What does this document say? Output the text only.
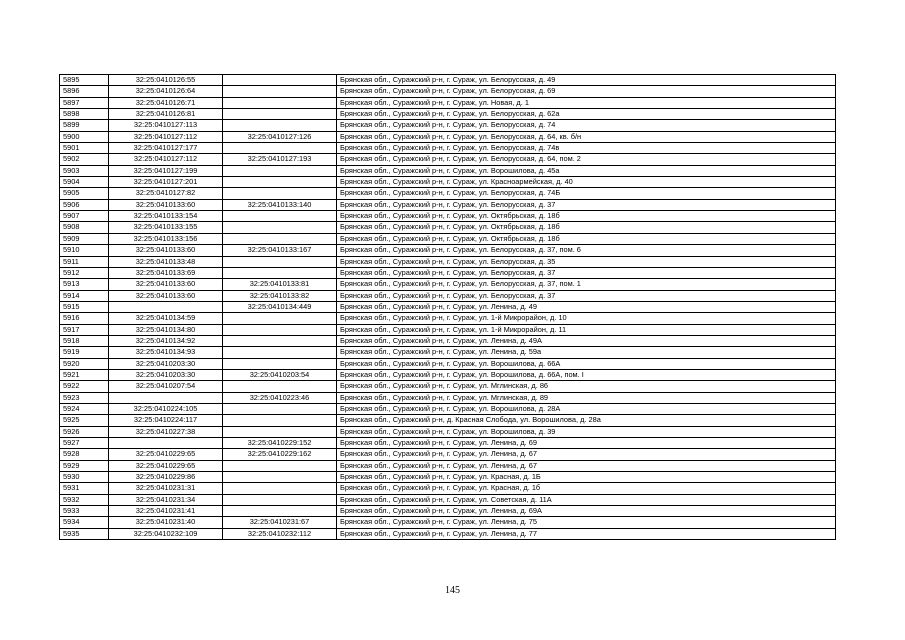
5895	32:25:0410126:55		Брянская обл., Суражский р-н, г. Сураж, ул. Белорусская, д. 49
5896	32:25:0410126:64		Брянская обл., Суражский р-н, г. Сураж, ул. Белорусская, д. 69
5897	32:25:0410126:71		Брянская обл., Суражский р-н, г. Сураж, ул. Новая, д. 1
5898	32:25:0410126:81		Брянская обл., Суражский р-н, г. Сураж, ул. Белорусская, д. 62а
5899	32:25:0410127:113		Брянская обл., Суражский р-н, г. Сураж, ул. Белорусская, д. 74
5900	32:25:0410127:112	32:25:0410127:126	Брянская обл., Суражский р-н, г. Сураж, ул. Белорусская, д. 64, кв. б/н
5901	32:25:0410127:177		Брянская обл., Суражский р-н, г. Сураж, ул. Белорусская, д. 74в
5902	32:25:0410127:112	32:25:0410127:193	Брянская обл., Суражский р-н, г. Сураж, ул. Белорусская, д. 64, пом. 2
5903	32:25:0410127:199		Брянская обл., Суражский р-н, г. Сураж, ул. Ворошилова, д. 45а
5904	32:25:0410127:201		Брянская обл., Суражский р-н, г. Сураж, ул. Красноармейская, д. 40
5905	32:25:0410127:82		Брянская обл., Суражский р-н, г. Сураж, ул. Белорусская, д. 74Б
5906	32:25:0410133:60	32:25:0410133:140	Брянская обл., Суражский р-н, г. Сураж, ул. Белорусская, д. 37
5907	32:25:0410133:154		Брянская обл., Суражский р-н, г. Сураж, ул. Октябрьская, д. 18б
5908	32:25:0410133:155		Брянская обл., Суражский р-н, г. Сураж, ул. Октябрьская, д. 18б
5909	32:25:0410133:156		Брянская обл., Суражский р-н, г. Сураж, ул. Октябрьская, д. 18б
5910	32:25:0410133:60	32:25:0410133:167	Брянская обл., Суражский р-н, г. Сураж, ул. Белорусская, д. 37, пом. 6
5911	32:25:0410133:48		Брянская обл., Суражский р-н, г. Сураж, ул. Белорусская, д. 35
5912	32:25:0410133:69		Брянская обл., Суражский р-н, г. Сураж, ул. Белорусская, д. 37
5913	32:25:0410133:60	32:25:0410133:81	Брянская обл., Суражский р-н, г. Сураж, ул. Белорусская, д. 37, пом. 1
5914	32:25:0410133:60	32:25:0410133:82	Брянская обл., Суражский р-н, г. Сураж, ул. Белорусская, д. 37
5915		32:25:0410134:449	Брянская обл., Суражский р-н, г. Сураж, ул. Ленина, д. 49
5916	32:25:0410134:59		Брянская обл., Суражский р-н, г. Сураж, ул. 1-й Микрорайон, д. 10
5917	32:25:0410134:80		Брянская обл., Суражский р-н, г. Сураж, ул. 1-й Микрорайон, д. 11
5918	32:25:0410134:92		Брянская обл., Суражский р-н, г. Сураж, ул. Ленина, д. 49А
5919	32:25:0410134:93		Брянская обл., Суражский р-н, г. Сураж, ул. Ленина, д. 59а
5920	32:25:0410203:30		Брянская обл., Суражский р-н, г. Сураж, ул. Ворошилова, д. 66А
5921	32:25:0410203:30	32:25:0410203:54	Брянская обл., Суражский р-н, г. Сураж, ул. Ворошилова, д. 66А, пом. I
5922	32:25:0410207:54		Брянская обл., Суражский р-н, г. Сураж, ул. Мглинская, д. 86
5923		32:25:0410223:46	Брянская обл., Суражский р-н, г. Сураж, ул. Мглинская, д. 89
5924	32:25:0410224:105		Брянская обл., Суражский р-н, г. Сураж, ул. Ворошилова, д. 28А
5925	32:25:0410224:117		Брянская обл., Суражский р-н, д. Красная Слобода, ул. Ворошилова, д. 28а
5926	32:25:0410227:38		Брянская обл., Суражский р-н, г. Сураж, ул. Ворошилова, д. 39
5927		32:25:0410229:152	Брянская обл., Суражский р-н, г. Сураж, ул. Ленина, д. 69
5928	32:25:0410229:65	32:25:0410229:162	Брянская обл., Суражский р-н, г. Сураж, ул. Ленина, д. 67
5929	32:25:0410229:65		Брянская обл., Суражский р-н, г. Сураж, ул. Ленина, д. 67
5930	32:25:0410229:86		Брянская обл., Суражский р-н, г. Сураж, ул. Красная, д. 1Б
5931	32:25:0410231:31		Брянская обл., Суражский р-н, г. Сураж, ул. Красная, д. 1б
5932	32:25:0410231:34		Брянская обл., Суражский р-н, г. Сураж, ул. Советская, д. 11А
5933	32:25:0410231:41		Брянская обл., Суражский р-н, г. Сураж, ул. Ленина, д. 69А
5934	32:25:0410231:40	32:25:0410231:67	Брянская обл., Суражский р-н, г. Сураж, ул. Ленина, д. 75
5935	32:25:0410232:109	32:25:0410232:112	Брянская обл., Суражский р-н, г. Сураж, ул. Ленина, д. 77
145
